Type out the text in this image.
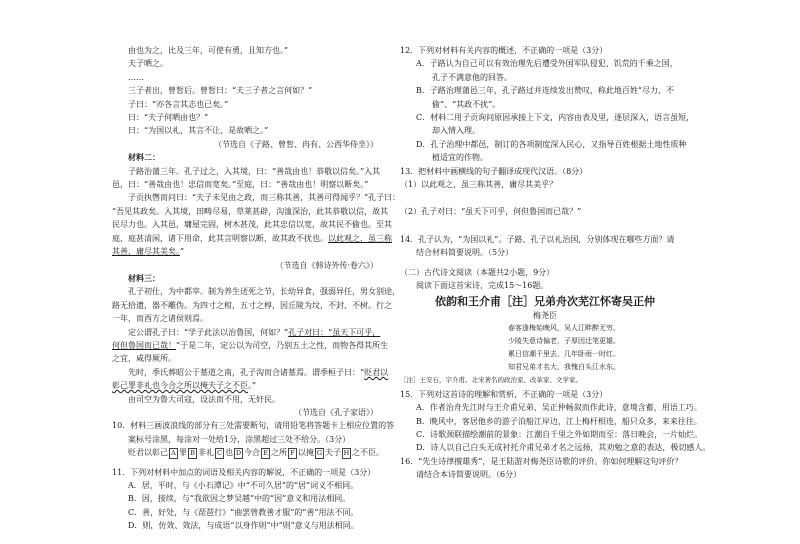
由也为之，比及三年，可使有勇，且知方也。”
夫子哂之。
……
三子者出，曾皙后。曾皙曰：“夫三子者之言何如？”
子曰：“亦各言其志也已矣。”
曰：“夫子何哂由也？”
曰：“为国以礼，其言不让，是故哂之。”
（节选自《子路、曾皙、冉有、公西华侍坐》）
材料二：
子路治蒲三年。孔子过之，入其境，曰：“善哉由也！恭敬以信矣。”入其
邑，曰：“善哉由也！忠信而宽矣。”至庭，曰：“善哉由也！明察以断矣。”
子贡执辔而问曰：“夫子未见由之政，而三称其善，其善可得闻乎？”孔子曰：
“吾见其政矣。入其境，田畴尽易，草莱甚辟，沟洫深治，此其恭敬以信，故其
民尽力也。入其邑，墉屋完固，树木甚茂，此其忠信以宽，故其民不偷也。至其
庭，庭甚清闲，诸下用命，此其言明察以断，故其政不扰也。以此观之，虽三称
其善，庸尽其美矣。”
（节选自《韩诗外传·卷六》）
材料三：
孔子初仕，为中都宰。制为养生送死之节，长幼异食，强弱异任，男女别途，
路无拾遗，器不雕伪。为四寸之棺，五寸之椁，因丘陵为坟，不封、不树。行之
一年，而西方之诸侯则焉。
定公谓孔子曰：“学子此法以治鲁国，何如？”孔子对曰：“虽天下可乎，
何但鲁国而已哉！”于是二年，定公以为司空，乃别五土之性，而物各得其所生
之宜，咸得厥所。
先时，季氏葬昭公于墓道之南，孔子沟而合诸墓焉。谓季桓子曰：“贬君以
彰己罪非礼也今合之所以掩夫子之不臣。”
由司空为鲁大司寇，设法而不用，无奸民。
（节选自《孔子家语》）
10．材料三画波浪线的部分有三处需要断句，请用铅笔将答题卡上相应位置的答
案标号涂黑，每涂对一处给1分，涂黑超过三处不给分。（3分）
贬君以彰己 A 罪 B 非礼 C 也 D 今合 E 之所 F 以掩 G 夫子 H 之不臣。
11．下列对材料中加点的词语及相关内容的解说，不正确的一项是（3分）
A．居，平时，与《小石潭记》中“不可久居”的“居”词义不相同。
B．因，接续，与“我欲因之梦吴越”中的“因”意义和用法相同。
C．善，好处，与《琵琶行》“曲罢曾教善才服”的“善”用法不同。
D．则，仿效、效法，与成语“以身作则”中“则”意义与用法相同。
12．下列对材料有关内容的概述，不正确的一项是（3分）
A．子路认为自己可以有效治理先后遭受外国军队侵犯、饥荒的千乘之国，
孔子不满意他的回答。
B．子路治理蒲邑三年，孔子路过并连续发出赞叹，称此地百姓“尽力、不
偷”、“其政不扰”。
C．材料二用子贡询问原因承接上下文，内容由表及里，逐层深入，语言虽短，
却入情入理。
D．孔子治理中都邑，制订的各项制度深入民心，又指导百姓根据土地性质种
植适宜的作物。
13．把材料中画横线的句子翻译成现代汉语。（8分）
（1）以此观之，虽三称其善，庸尽其美乎？
（2）孔子对曰：“虽天下可乎，何但鲁国而已哉？”
14．孔子认为，“为国以礼”。子路、孔子以礼治国，分别体现在哪些方面？请
结合材料简要说明。（5分）
（二）古代诗文阅读（本题共2小题，9分）
阅读下面这首宋诗，完成15～16题。
依韵和王介甫［注］兄弟舟次芜江怀寄吴正仲
梅尧臣
春客逢梅始晚风，吴人江畔醉无穷。
少陵失意诗偏老，子厚因迁笔更雄。
累日信潮千里去，几年卧雨一时红。
知君兄弟才名大，我愧白头江水东。
［注］王安石，字介甫。北宋著名的政治家、改革家、文学家。
15．下列对这首诗的理解和赏析，不正确的一项是（3分）
A．作者治舟先江时与王介甫兄弟、吴正仲畅叙而作此诗，意境含蓄，用语工巧。
B．晚风中，客居他乡的游子泊船江岸边，江上梅杆相连，船只众多，来来往往。
C．诗歌颈联描绘潮前的景象：江潮自千里之外如期而至：落日晚会，一片灿烂。
D．诗人以自己白头无成衬托介甫兄弟才名之远扬，其劝勉之意的表达，极切感人。
16．“先生诗律擅雄秀”，是王陆游对梅尧臣诗歌的评价。你如何理解这句评价？
请结合本诗简要说明。（6分）
